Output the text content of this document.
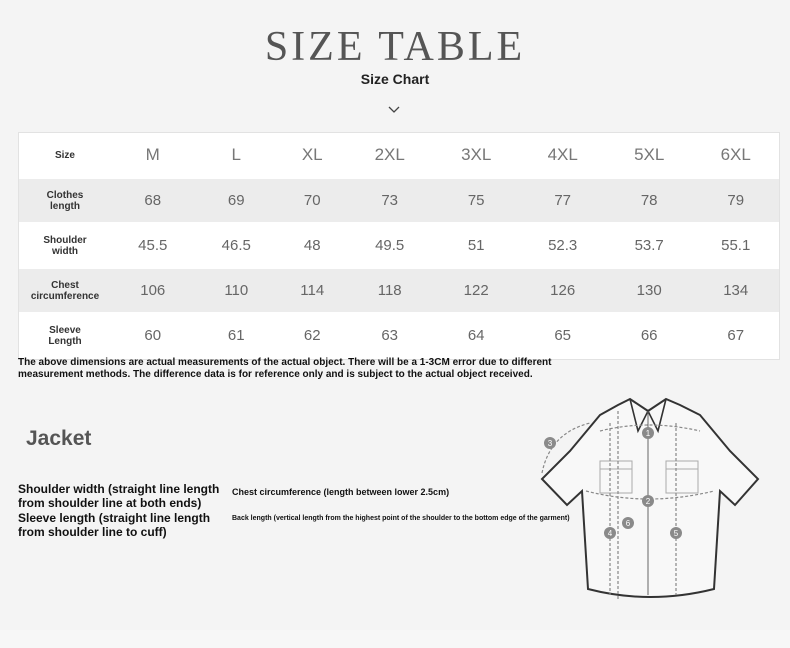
SIZE TABLE
Size Chart
Size	M	L	XL	2XL	3XL	4XL	5XL	6XL
Clothes
length	68	69	70	73	75	77	78	79
Shoulder
width	45.5	46.5	48	49.5	51	52.3	53.7	55.1
Chest
circumference	106	110	114	118	122	126	130	134
Sleeve
Length	60	61	62	63	64	65	66	67
The above dimensions are actual measurements of the actual object. There will be a 1-3CM error due to different
measurement methods. The difference data is for reference only and is subject to the actual object received.
Jacket
Shoulder width (straight line length
from shoulder line at both ends)
Sleeve length (straight line length
from shoulder line to cuff)
Chest circumference (length between lower 2.5cm)
Back length (vertical length from the highest point of the shoulder to the bottom edge of the garment)
1
2
3
4	5
6
